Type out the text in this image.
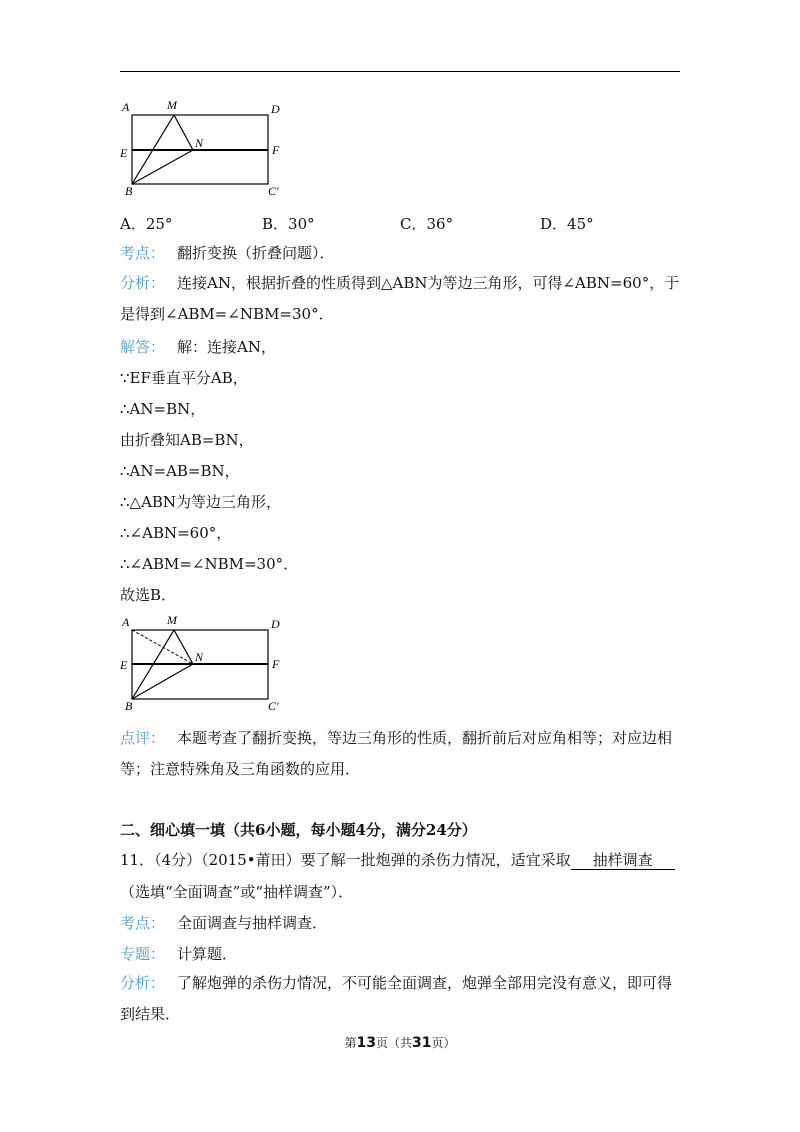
A	M	D
E
N	F
B	C'
A．25°	B．30°	C．36°	D．45°
考点： 翻折变换（折叠问题）．
分析： 连接AN，根据折叠的性质得到△ABN为等边三角形，可得∠ABN=60°，于是得到∠ABM=∠NBM=30°．
解答： 解：连接AN，
∵EF垂直平分AB，
∴AN=BN，
由折叠知AB=BN，
∴AN=AB=BN，
∴△ABN为等边三角形，
∴∠ABN=60°，
∴∠ABM=∠NBM=30°．
故选B．
A	M	D
E
N	F
B	C'
点评： 本题考查了翻折变换，等边三角形的性质，翻折前后对应角相等；对应边相等；注意特殊角及三角函数的应用．
二、细心填一填（共6小题，每小题4分，满分24分）
11．（4分）（2015•莆田）要了解一批炮弹的杀伤力情况，适宜采取 抽样调查
（选填“全面调查”或“抽样调查”）．
考点： 全面调查与抽样调查．
专题： 计算题．
分析： 了解炮弹的杀伤力情况，不可能全面调查，炮弹全部用完没有意义，即可得到结果．
第13页（共31页）
